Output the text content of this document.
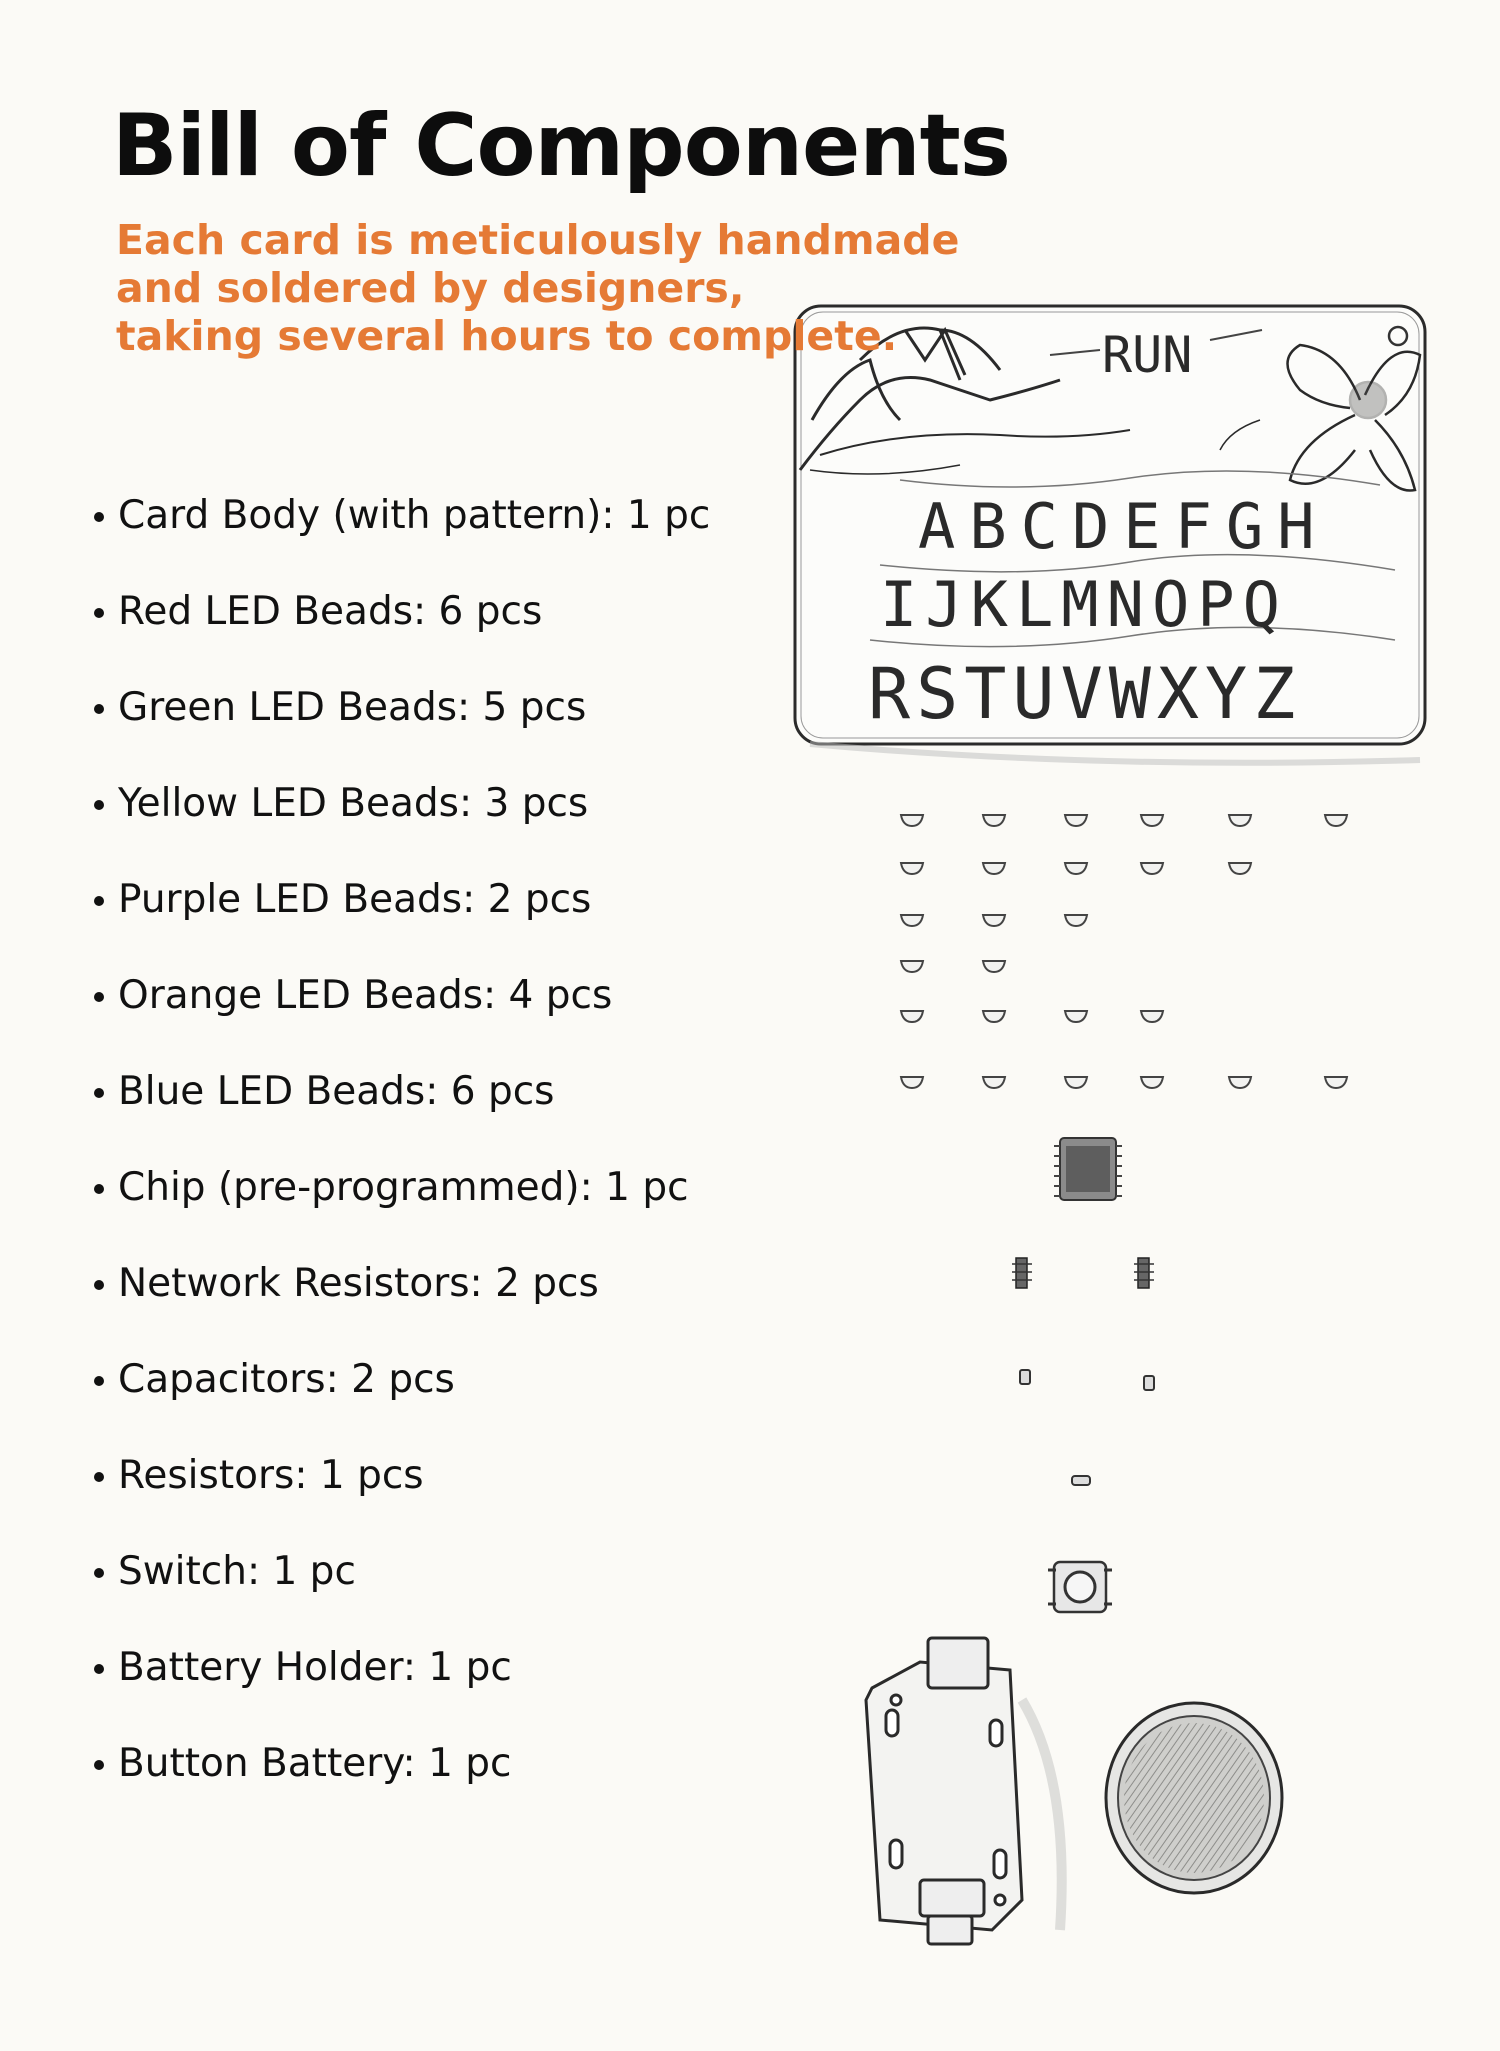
Bill of Components

Each card is meticulously handmade
and soldered by designers,
taking several hours to complete.

Card Body (with pattern): 1 pc
Red LED Beads: 6 pcs
Green LED Beads: 5 pcs
Yellow LED Beads: 3 pcs
Purple LED Beads: 2 pcs
Orange LED Beads: 4 pcs
Blue LED Beads: 6 pcs
Chip (pre-programmed): 1 pc
Network Resistors: 2 pcs
Capacitors: 2 pcs
Resistors: 1 pcs
Switch: 1 pc
Battery Holder: 1 pc
Button Battery: 1 pc
RUN
ABCDEFGH
IJKLMNOPQ
RSTUVWXYZ
